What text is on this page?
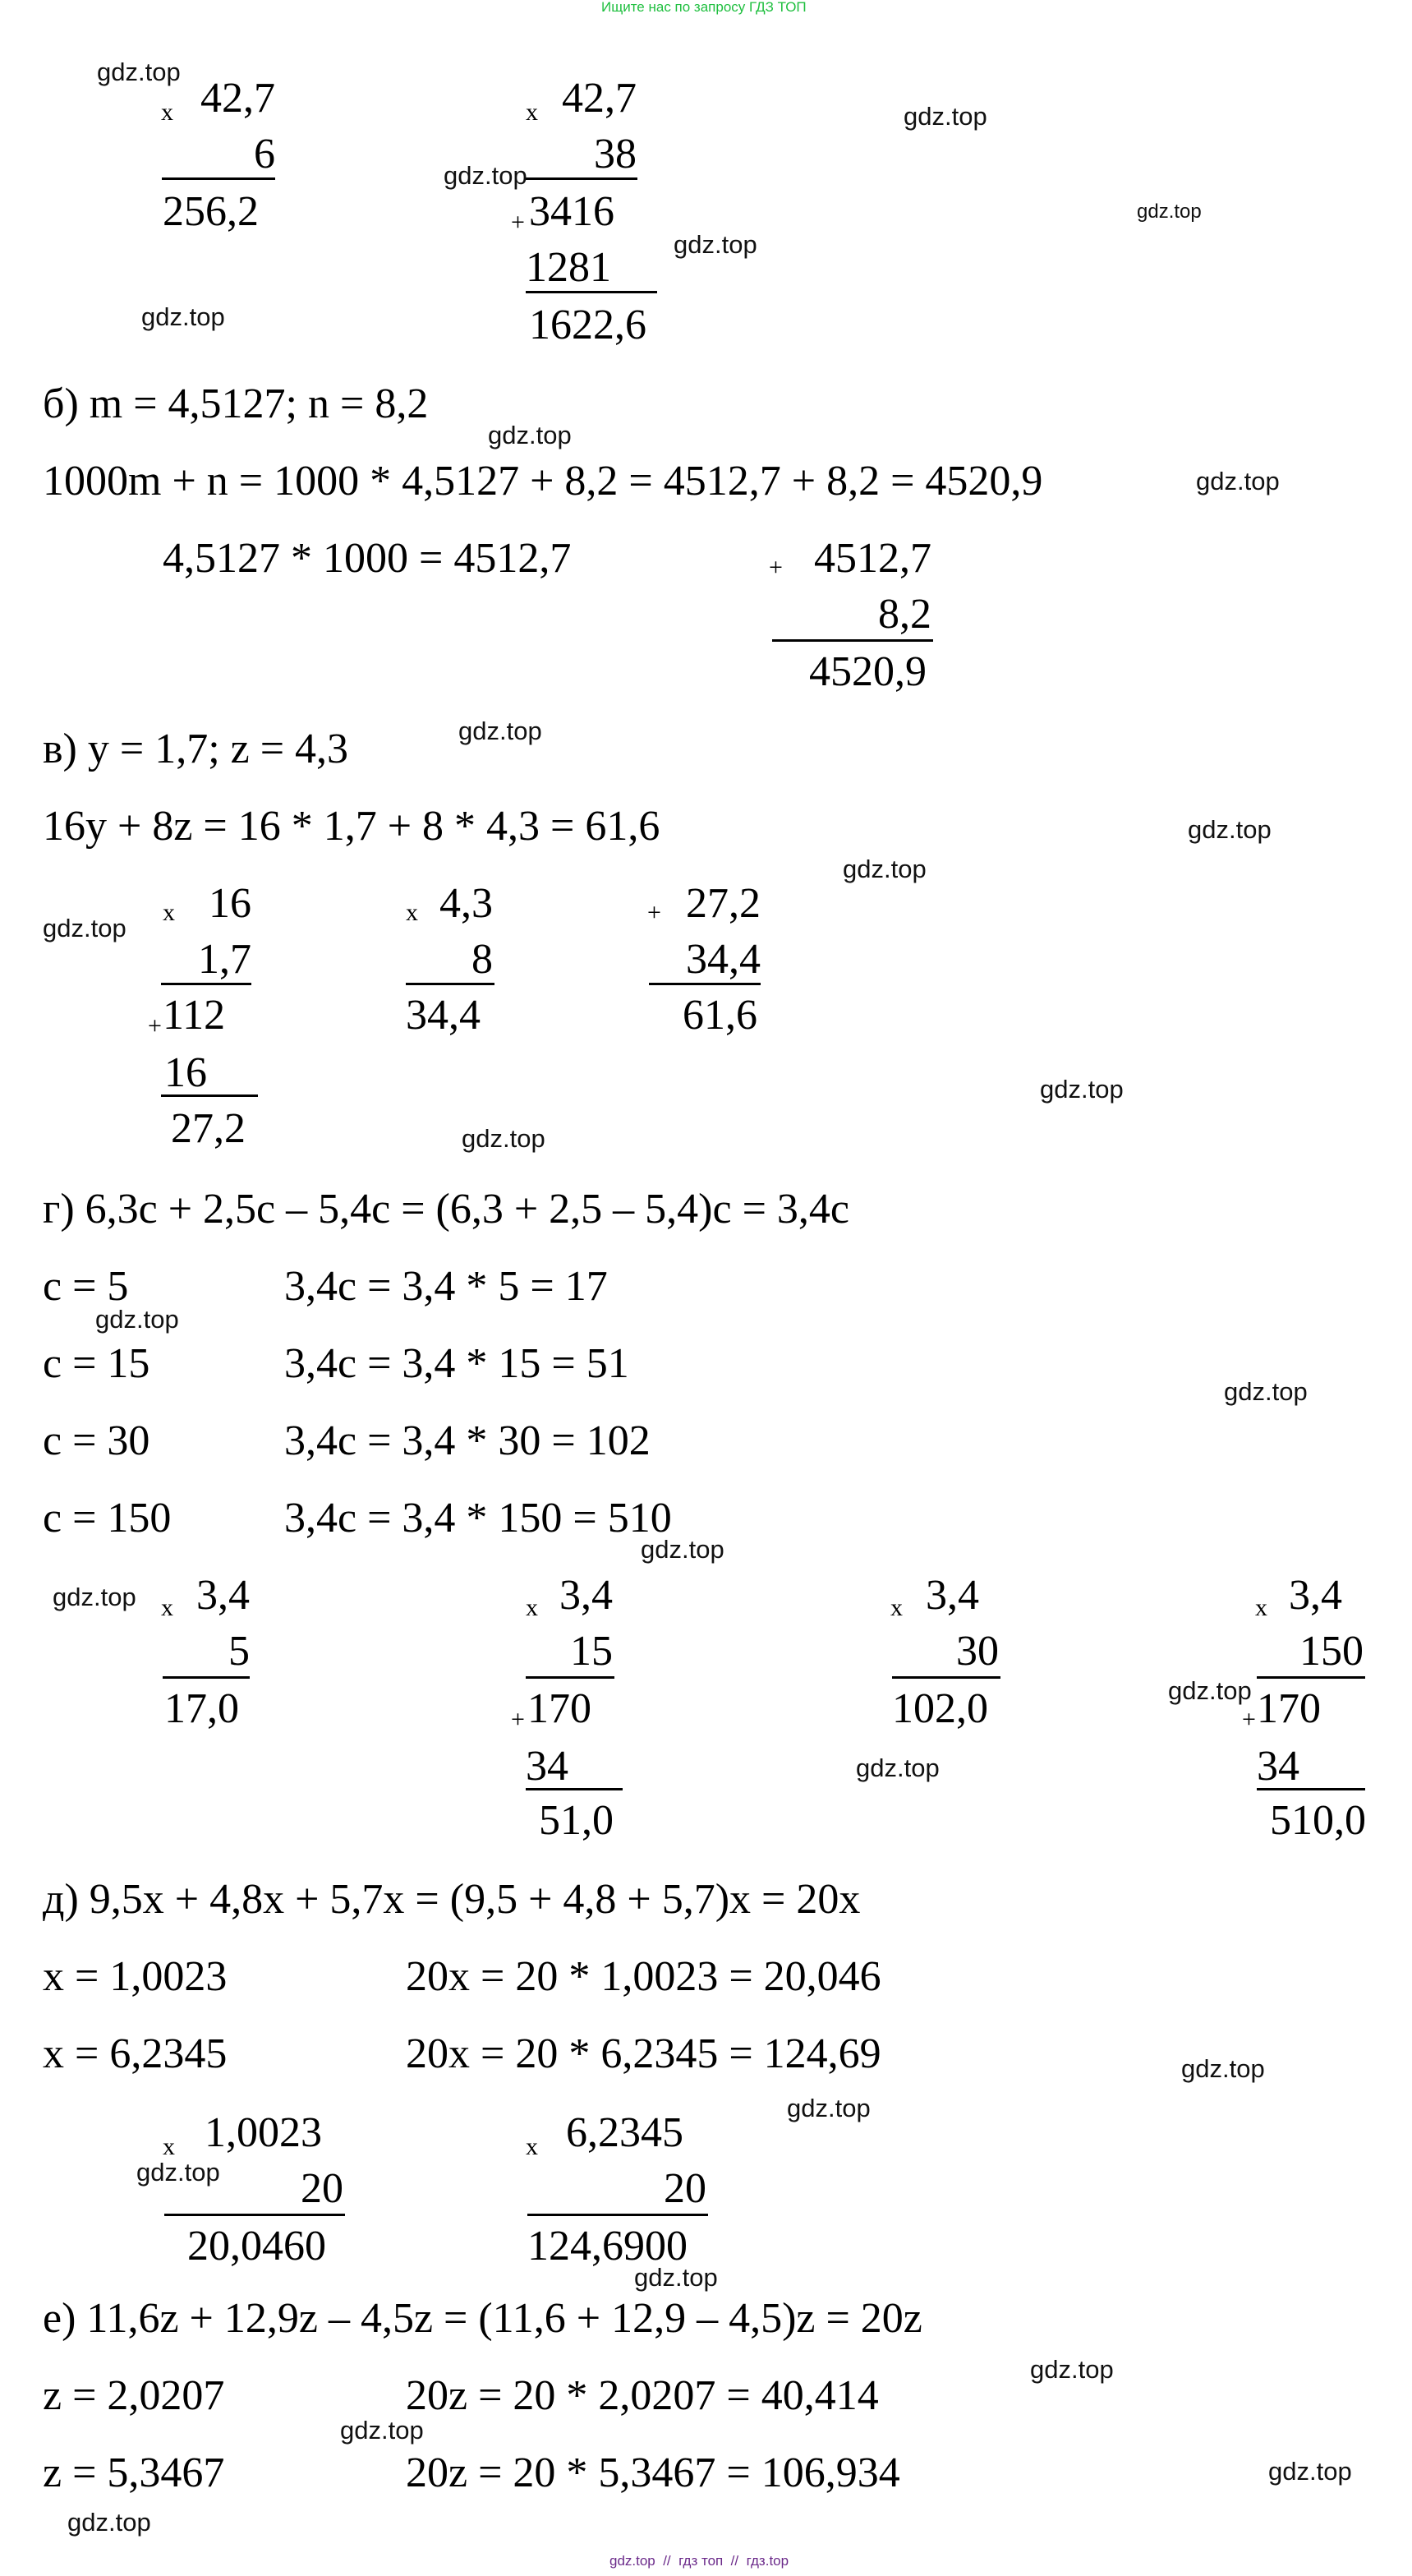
Ищите нас по запросу ГДЗ ТОП
x 42,7
6
256,2
x 42,7
38
+ 3416
1281
1622,6
б) m = 4,5127; n = 8,2
1000m + n = 1000 * 4,5127 + 8,2 = 4512,7 + 8,2 = 4520,9
4,5127 * 1000 = 4512,7	+ 4512,7
8,2
4520,9
в) y = 1,7; z = 4,3
16y + 8z = 16 * 1,7 + 8 * 4,3 = 61,6
x 16
1,7
+ 112
16
27,2
x 4,3
8
34,4
+ 27,2
34,4
61,6
г) 6,3c + 2,5c – 5,4c = (6,3 + 2,5 – 5,4)c = 3,4c
c = 5	3,4c = 3,4 * 5 = 17
c = 15	3,4c = 3,4 * 15 = 51
c = 30	3,4c = 3,4 * 30 = 102
c = 150	3,4c = 3,4 * 150 = 510
x 3,4
5
17,0
x 3,4
15
+ 170
34
51,0
x 3,4
30
102,0
x 3,4
150
+ 170
34
510,0
д) 9,5x + 4,8x + 5,7x = (9,5 + 4,8 + 5,7)x = 20x
x = 1,0023	20x = 20 * 1,0023 = 20,046
x = 6,2345	20x = 20 * 6,2345 = 124,69
x 1,0023
20
20,0460
x 6,2345
20
124,6900
е) 11,6z + 12,9z – 4,5z = (11,6 + 12,9 – 4,5)z = 20z
z = 2,0207	20z = 20 * 2,0207 = 40,414
z = 5,3467	20z = 20 * 5,3467 = 106,934
gdz.top
gdz.top
gdz.top
gdz.top
gdz.top
gdz.top
gdz.top
gdz.top
gdz.top
gdz.top
gdz.top
gdz.top
gdz.top
gdz.top
gdz.top
gdz.top
gdz.top
gdz.top
gdz.top
gdz.top
gdz.top
gdz.top
gdz.top
gdz.top
gdz.top
gdz.top
gdz.top
gdz.top
gdz.top  //  гдз топ  //  гдз.top
